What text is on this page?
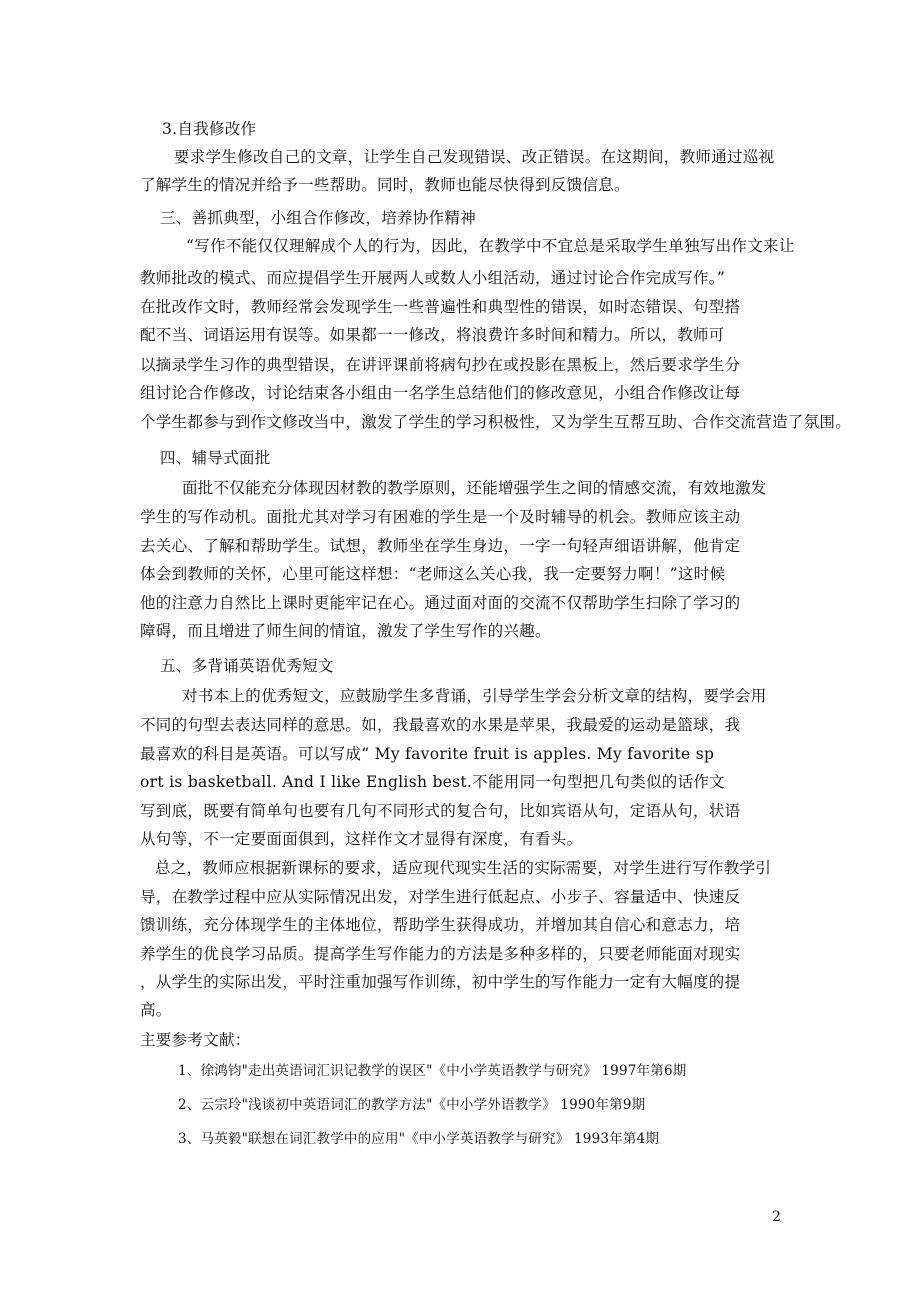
3.自我修改作
要求学生修改自己的文章，让学生自己发现错误、改正错误。在这期间，教师通过巡视
了解学生的情况并给予一些帮助。同时，教师也能尽快得到反馈信息。
三、善抓典型，小组合作修改，培养协作精神
“写作不能仅仅理解成个人的行为，因此，在教学中不宜总是采取学生单独写出作文来让
教师批改的模式、而应提倡学生开展两人或数人小组活动，通过讨论合作完成写作。”
在批改作文时，教师经常会发现学生一些普遍性和典型性的错误，如时态错误、句型搭
配不当、词语运用有误等。如果都一一修改，将浪费许多时间和精力。所以，教师可
以摘录学生习作的典型错误，在讲评课前将病句抄在或投影在黑板上，然后要求学生分
组讨论合作修改，讨论结束各小组由一名学生总结他们的修改意见，小组合作修改让每
个学生都参与到作文修改当中，激发了学生的学习积极性，又为学生互帮互助、合作交流营造了氛围。
四、辅导式面批
面批不仅能充分体现因材教的教学原则，还能增强学生之间的情感交流，有效地激发
学生的写作动机。面批尤其对学习有困难的学生是一个及时辅导的机会。教师应该主动
去关心、了解和帮助学生。试想，教师坐在学生身边，一字一句轻声细语讲解，他肯定
体会到教师的关怀，心里可能这样想：“老师这么关心我，我一定要努力啊！”这时候
他的注意力自然比上课时更能牢记在心。通过面对面的交流不仅帮助学生扫除了学习的
障碍，而且增进了师生间的情谊，激发了学生写作的兴趣。
五、多背诵英语优秀短文
对书本上的优秀短文，应鼓励学生多背诵，引导学生学会分析文章的结构，要学会用
不同的句型去表达同样的意思。如，我最喜欢的水果是苹果，我最爱的运动是篮球，我
最喜欢的科目是英语。可以写成“ My favorite fruit is apples. My favorite sp
ort is basketball. And I like English best.不能用同一句型把几句类似的话作文
写到底，既要有简单句也要有几句不同形式的复合句，比如宾语从句，定语从句，状语
从句等，不一定要面面俱到，这样作文才显得有深度，有看头。
总之，教师应根据新课标的要求，适应现代现实生活的实际需要，对学生进行写作教学引
导，在教学过程中应从实际情况出发，对学生进行低起点、小步子、容量适中、快速反
馈训练，充分体现学生的主体地位，帮助学生获得成功，并增加其自信心和意志力，培
养学生的优良学习品质。提高学生写作能力的方法是多种多样的，只要老师能面对现实
，从学生的实际出发，平时注重加强写作训练，初中学生的写作能力一定有大幅度的提
高。
主要参考文献：
1、徐鸿钧"走出英语词汇识记教学的误区"《中小学英语教学与研究》 1997年第6期
2、云宗玲"浅谈初中英语词汇的教学方法"《中小学外语教学》 1990年第9期
3、马英毅"联想在词汇教学中的应用"《中小学英语教学与研究》 1993年第4期
2
